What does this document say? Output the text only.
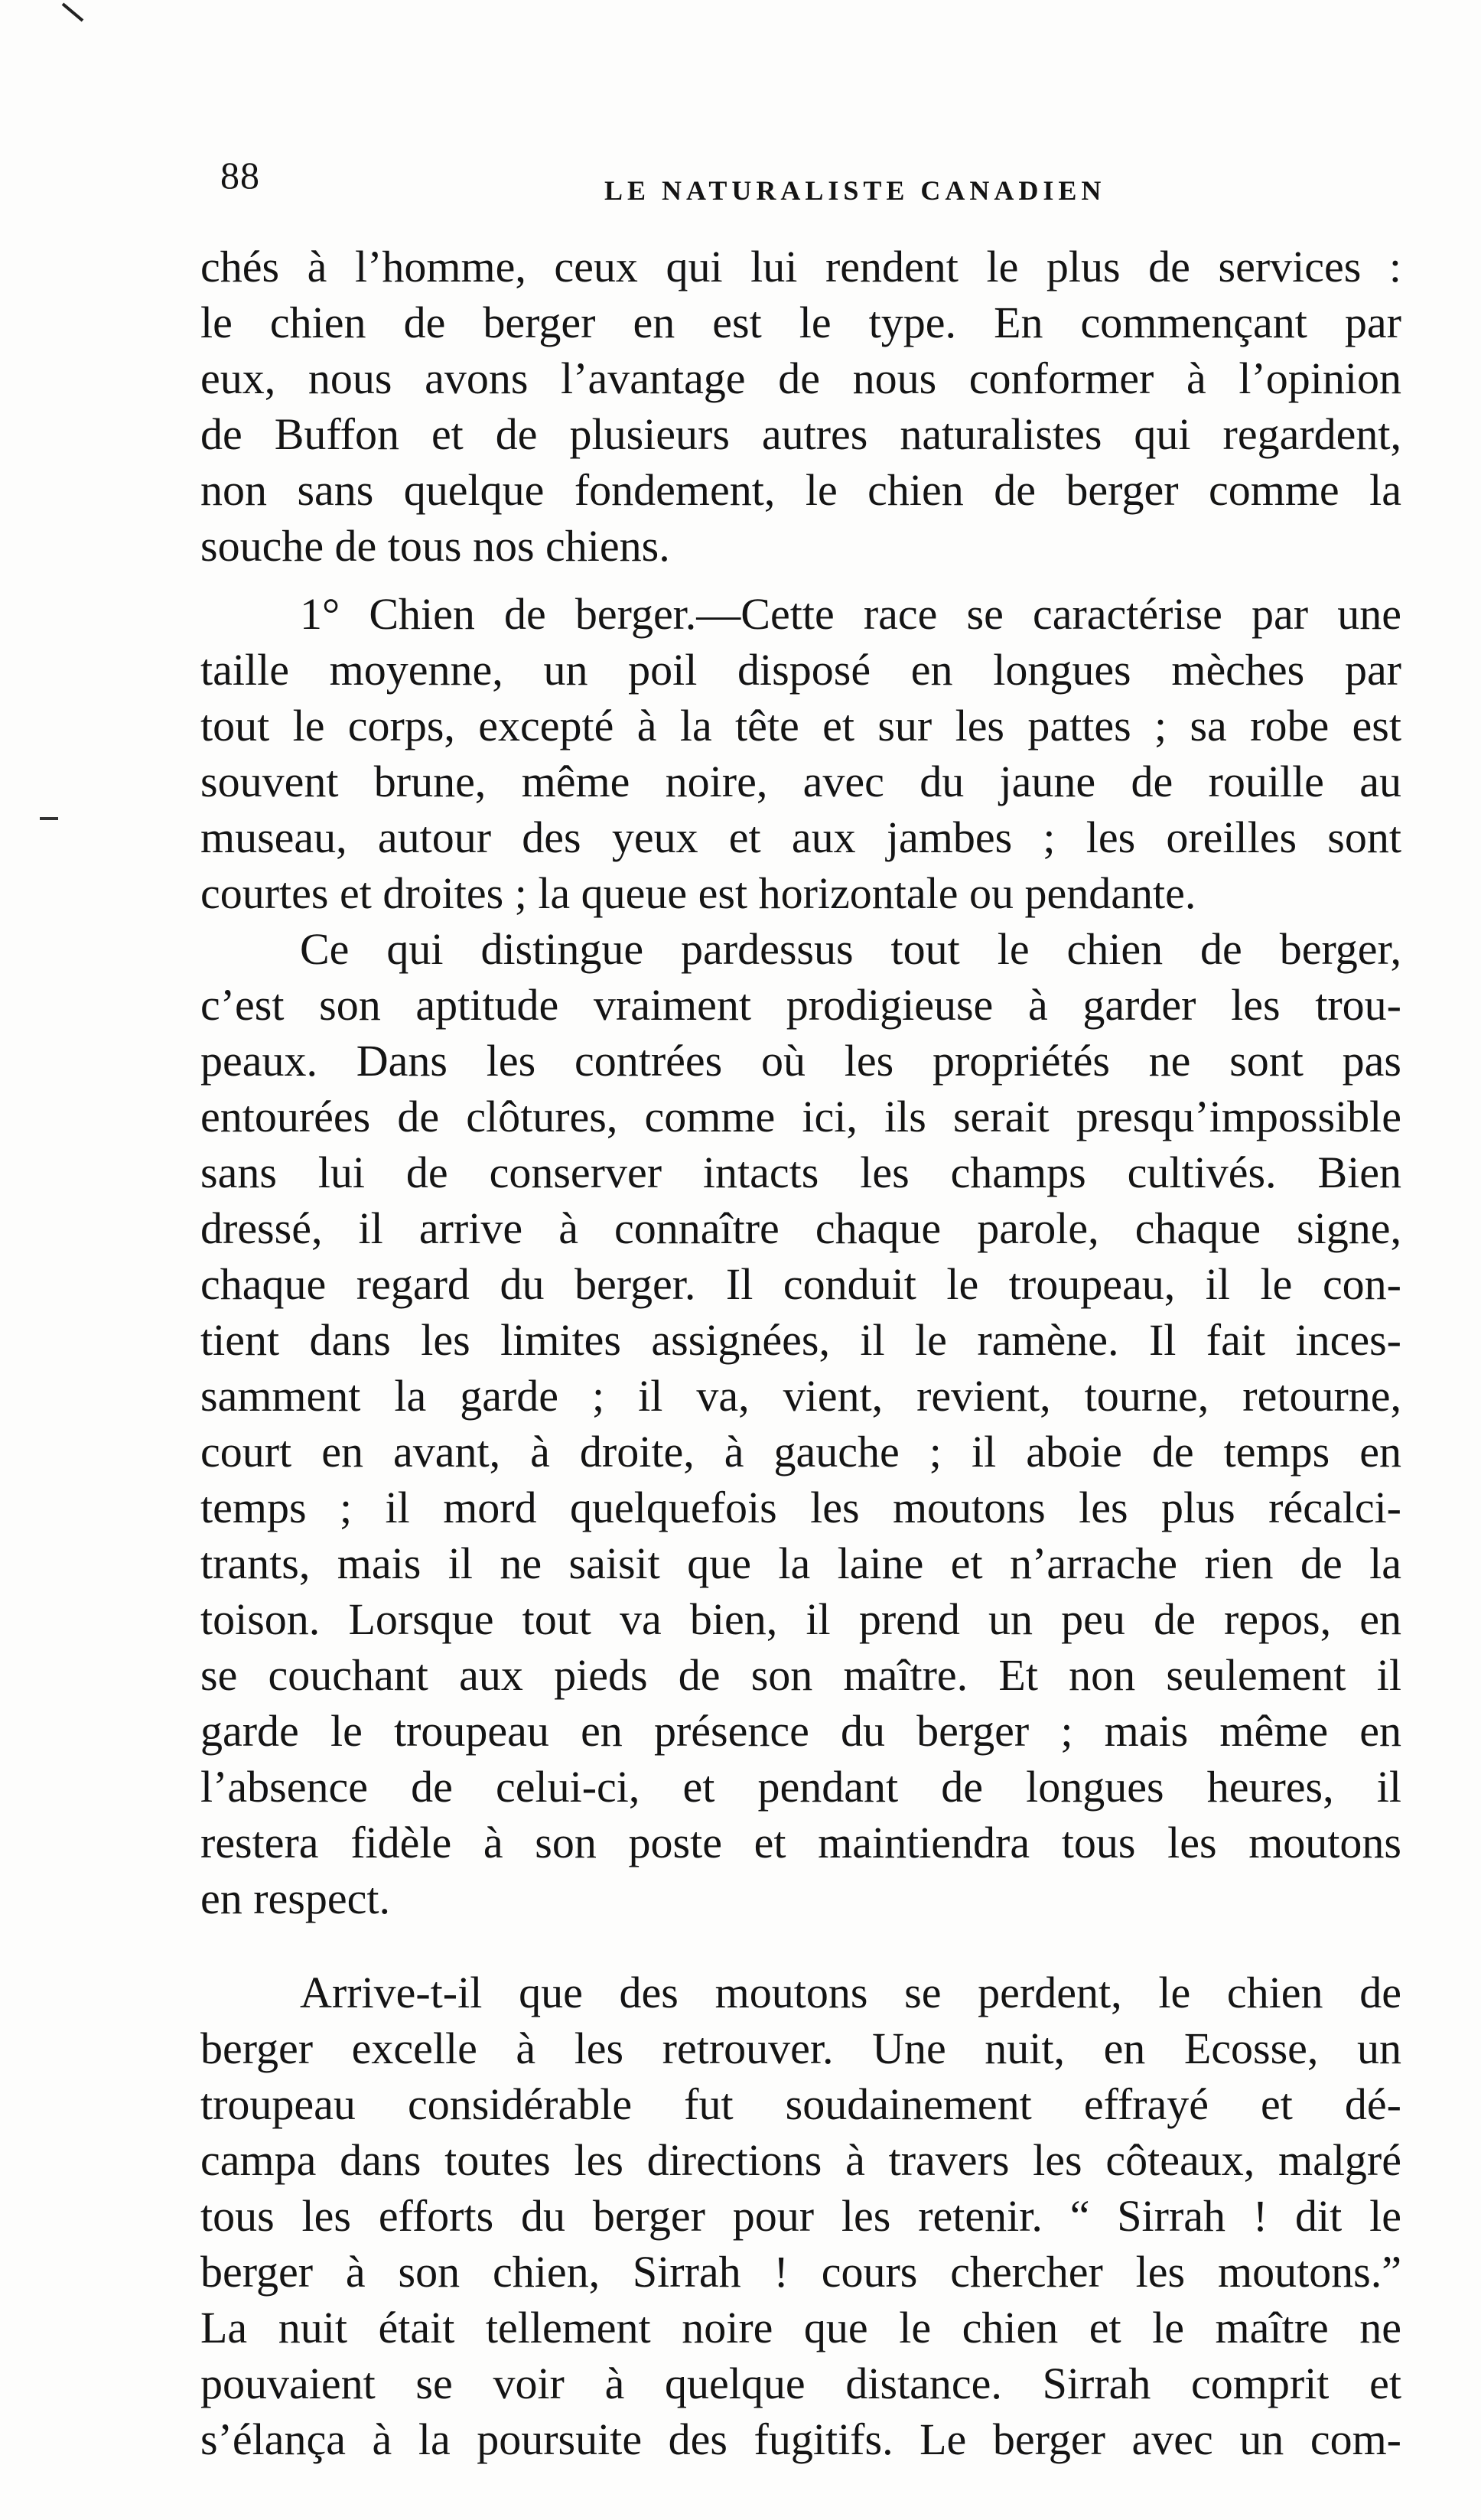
88	LE NATURALISTE CANADIEN
chés à l’homme, ceux qui lui rendent le plus de services :
le chien de berger en est le type. En commençant par
eux, nous avons l’avantage de nous conformer à l’opinion
de Buffon et de plusieurs autres naturalistes qui regardent,
non sans quelque fondement, le chien de berger comme la
souche de tous nos chiens.
1° Chien de berger.—Cette race se caractérise par une
taille moyenne, un poil disposé en longues mèches par
tout le corps, excepté à la tête et sur les pattes ; sa robe est
souvent brune, même noire, avec du jaune de rouille au
museau, autour des yeux et aux jambes ; les oreilles sont
courtes et droites ; la queue est horizontale ou pendante.
Ce qui distingue pardessus tout le chien de berger,
c’est son aptitude vraiment prodigieuse à garder les trou-
peaux. Dans les contrées où les propriétés ne sont pas
entourées de clôtures, comme ici, ils serait presqu’impossible
sans lui de conserver intacts les champs cultivés. Bien
dressé, il arrive à connaître chaque parole, chaque signe,
chaque regard du berger. Il conduit le troupeau, il le con-
tient dans les limites assignées, il le ramène. Il fait inces-
samment la garde ; il va, vient, revient, tourne, retourne,
court en avant, à droite, à gauche ; il aboie de temps en
temps ; il mord quelquefois les moutons les plus récalci-
trants, mais il ne saisit que la laine et n’arrache rien de la
toison. Lorsque tout va bien, il prend un peu de repos, en
se couchant aux pieds de son maître. Et non seulement il
garde le troupeau en présence du berger ; mais même en
l’absence de celui-ci, et pendant de longues heures, il
restera fidèle à son poste et maintiendra tous les moutons
en respect.
Arrive-t-il que des moutons se perdent, le chien de
berger excelle à les retrouver. Une nuit, en Ecosse, un
troupeau considérable fut soudainement effrayé et dé-
campa dans toutes les directions à travers les côteaux, malgré
tous les efforts du berger pour les retenir. “ Sirrah ! dit le
berger à son chien, Sirrah ! cours chercher les moutons.”
La nuit était tellement noire que le chien et le maître ne
pouvaient se voir à quelque distance. Sirrah comprit et
s’élança à la poursuite des fugitifs. Le berger avec un com-
